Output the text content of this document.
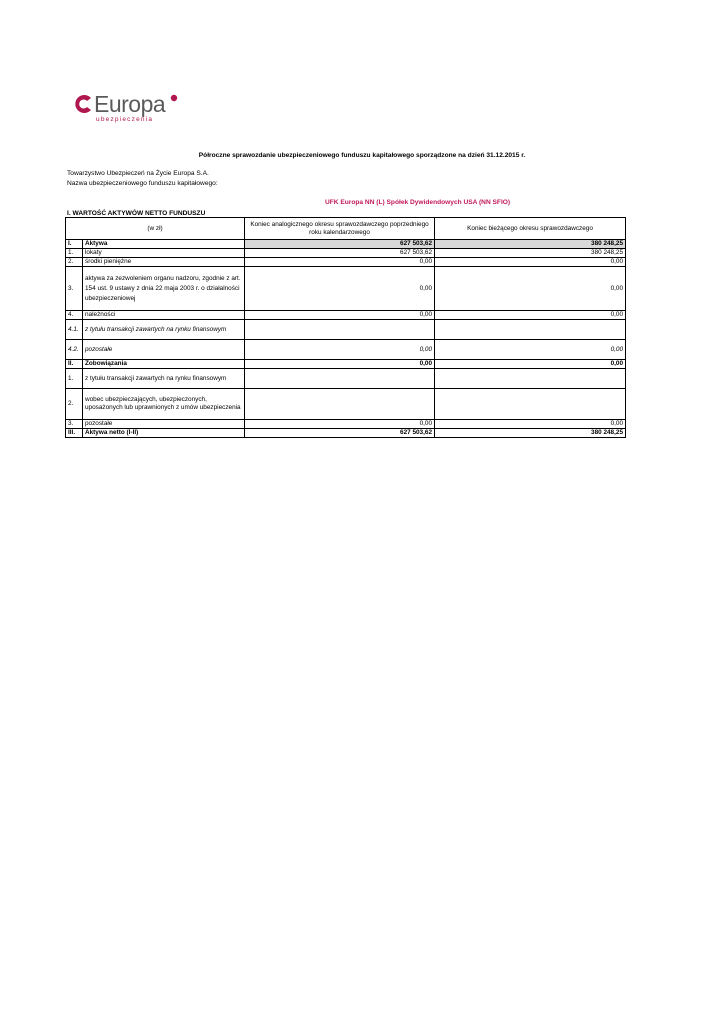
Europa
ubezpieczenia
Półroczne sprawozdanie ubezpieczeniowego funduszu kapitałowego sporządzone na dzień 31.12.2015 r.
Towarzystwo Ubezpieczeń na Życie Europa S.A.
Nazwa ubezpieczeniowego funduszu kapitałowego:
UFK Europa NN (L) Spółek Dywidendowych USA (NN SFIO)
I. WARTOŚĆ AKTYWÓW NETTO FUNDUSZU
(w zł)		Koniec analogicznego okresu sprawozdawczego poprzedniego roku kalendarzowego	Koniec bieżącego okresu sprawozdawczego
I.	Aktywa	627 503,62	380 248,25
1.	lokaty	627 503,62	380 248,25
2.	środki pieniężne	0,00	0,00
3.	aktywa za zezwoleniem organu nadzoru, zgodnie z art. 154 ust. 9 ustawy z dnia 22 maja 2003 r. o działalności ubezpieczeniowej	0,00	0,00
4.	należności	0,00	0,00
4.1.	z tytułu transakcji zawartych na rynku finansowym		
4.2.	pozostałe	0,00	0,00
II.	Zobowiązania	0,00	0,00
1.	z tytułu transakcji zawartych na rynku finansowym		
2.	wobec ubezpieczających, ubezpieczonych, uposażonych lub uprawnionych z umów ubezpieczenia		
3.	pozostałe	0,00	0,00
III.	Aktywa netto (I-II)	627 503,62	380 248,25
